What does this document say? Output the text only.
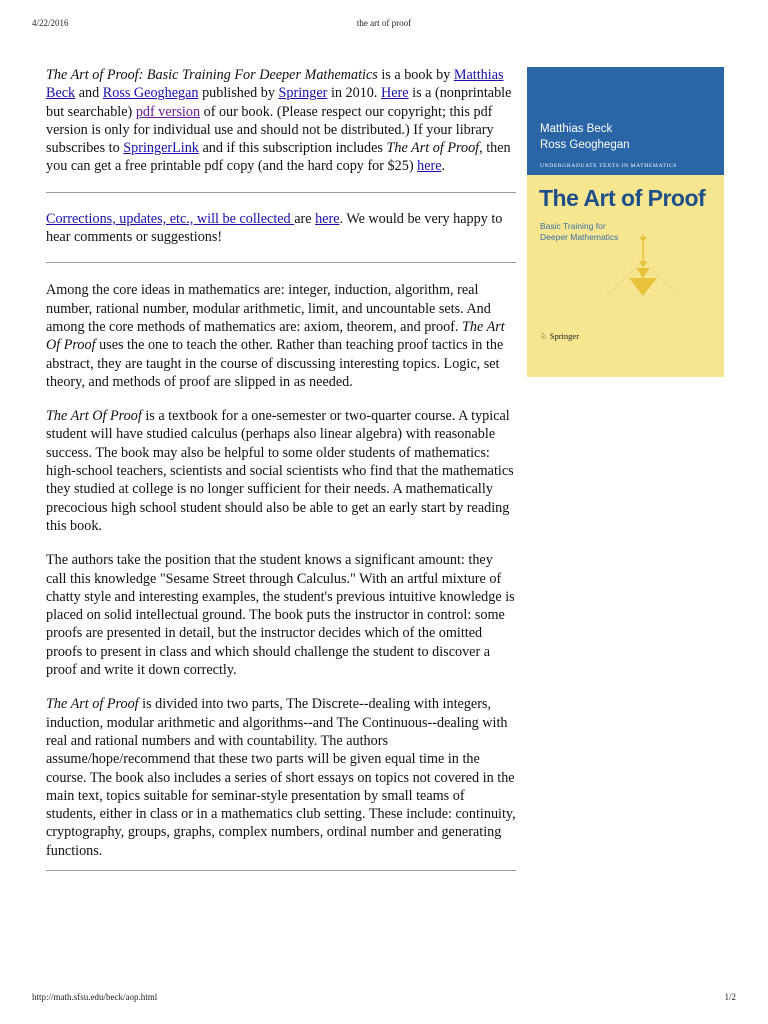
4/22/2016	the art of proof

The Art of Proof: Basic Training For Deeper Mathematics is a book by Matthias Beck and Ross Geoghegan published by Springer in 2010. Here is a (nonprintable but searchable) pdf version of our book. (Please respect our copyright; this pdf version is only for individual use and should not be distributed.) If your library subscribes to SpringerLink and if this subscription includes The Art of Proof, then you can get a free printable pdf copy (and the hard copy for $25) here.

Corrections, updates, etc., will be collected are here. We would be very happy to hear comments or suggestions!

Among the core ideas in mathematics are: integer, induction, algorithm, real number, rational number, modular arithmetic, limit, and uncountable sets. And among the core methods of mathematics are: axiom, theorem, and proof. The Art Of Proof uses the one to teach the other. Rather than teaching proof tactics in the abstract, they are taught in the course of discussing interesting topics. Logic, set theory, and methods of proof are slipped in as needed.

The Art Of Proof is a textbook for a one-semester or two-quarter course. A typical student will have studied calculus (perhaps also linear algebra) with reasonable success. The book may also be helpful to some older students of mathematics: high-school teachers, scientists and social scientists who find that the mathematics they studied at college is no longer sufficient for their needs. A mathematically precocious high school student should also be able to get an early start by reading this book.

The authors take the position that the student knows a significant amount: they call this knowledge "Sesame Street through Calculus." With an artful mixture of chatty style and interesting examples, the student's previous intuitive knowledge is placed on solid intellectual ground. The book puts the instructor in control: some proofs are presented in detail, but the instructor decides which of the omitted proofs to present in class and which should challenge the student to discover a proof and write it down correctly.

The Art of Proof is divided into two parts, The Discrete--dealing with integers, induction, modular arithmetic and algorithms--and The Continuous--dealing with real and rational numbers and with countability. The authors assume/hope/recommend that these two parts will be given equal time in the course. The book also includes a series of short essays on topics not covered in the main text, topics suitable for seminar-style presentation by small teams of students, either in class or in a mathematics club setting. These include: continuity, cryptography, groups, graphs, complex numbers, ordinal number and generating functions.

Matthias Beck
Ross Geoghegan
UNDERGRADUATE TEXTS IN MATHEMATICS
The Art of Proof
Basic Training for Deeper Mathematics
♘ Springer
http://math.sfsu.edu/beck/aop.html	1/2
